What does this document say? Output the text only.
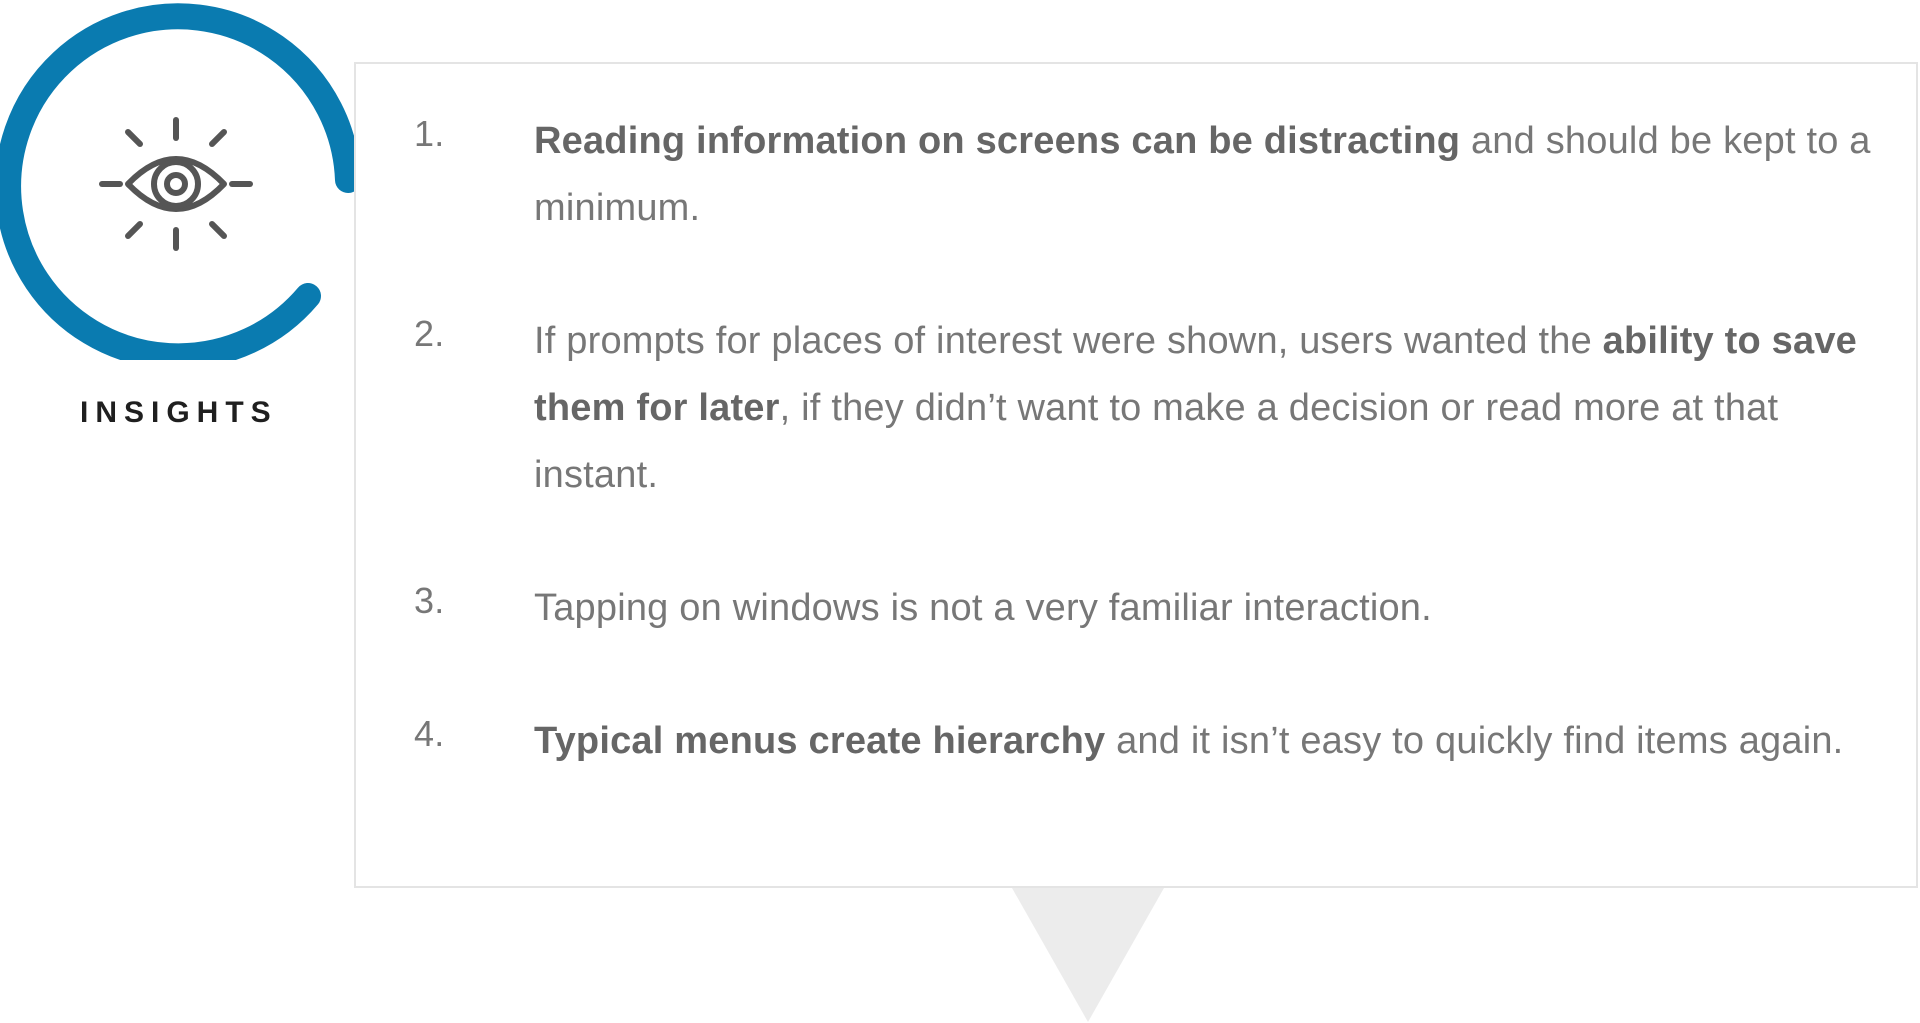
INSIGHTS
1.	Reading information on screens can be distracting and should be kept to a minimum.
2.	If prompts for places of interest were shown, users wanted the ability to save them for later, if they didn’t want to make a decision or read more at that instant.
3.	Tapping on windows is not a very familiar interaction.
4.	Typical menus create hierarchy and it isn’t easy to quickly find items again.
